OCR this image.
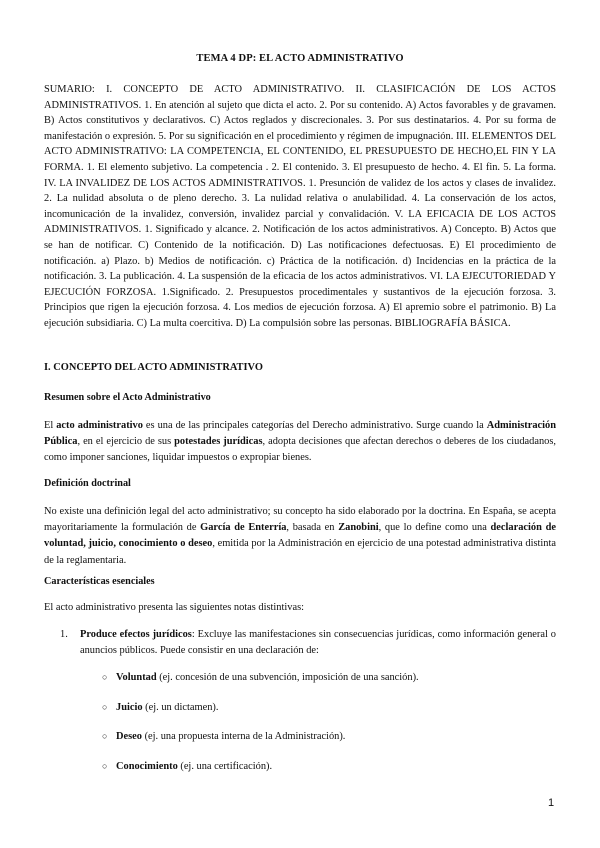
TEMA 4 DP: EL ACTO ADMINISTRATIVO
SUMARIO: I. CONCEPTO DE ACTO ADMINISTRATIVO. II. CLASIFICACIÓN DE LOS ACTOS ADMINISTRATIVOS. 1. En atención al sujeto que dicta el acto. 2. Por su contenido. A) Actos favorables y de gravamen. B) Actos constitutivos y declarativos. C) Actos reglados y discrecionales. 3. Por sus destinatarios. 4. Por su forma de manifestación o expresión. 5. Por su significación en el procedimiento y régimen de impugnación. III. ELEMENTOS DEL ACTO ADMINISTRATIVO: LA COMPETENCIA, EL CONTENIDO, EL PRESUPUESTO DE HECHO,EL FIN Y LA FORMA. 1. El elemento subjetivo. La competencia . 2. El contenido. 3. El presupuesto de hecho. 4. El fin. 5. La forma. IV. LA INVALIDEZ DE LOS ACTOS ADMINISTRATIVOS. 1. Presunción de validez de los actos y clases de invalidez. 2. La nulidad absoluta o de pleno derecho. 3. La nulidad relativa o anulabilidad. 4. La conservación de los actos, incomunicación de la invalidez, conversión, invalidez parcial y convalidación. V. LA EFICACIA DE LOS ACTOS ADMINISTRATIVOS. 1. Significado y alcance. 2. Notificación de los actos administrativos. A) Concepto. B) Actos que se han de notificar. C) Contenido de la notificación. D) Las notificaciones defectuosas. E) El procedimiento de notificación. a) Plazo. b) Medios de notificación. c) Práctica de la notificación. d) Incidencias en la práctica de la notificación. 3. La publicación. 4. La suspensión de la eficacia de los actos administrativos. VI. LA EJECUTORIEDAD Y EJECUCIÓN FORZOSA. 1.Significado. 2. Presupuestos procedimentales y sustantivos de la ejecución forzosa. 3. Principios que rigen la ejecución forzosa. 4. Los medios de ejecución forzosa. A) El apremio sobre el patrimonio. B) La ejecución subsidiaria. C) La multa coercitiva. D) La compulsión sobre las personas. BIBLIOGRAFÍA BÁSICA.
I. CONCEPTO DEL ACTO ADMINISTRATIVO
Resumen sobre el Acto Administrativo
El acto administrativo es una de las principales categorías del Derecho administrativo. Surge cuando la Administración Pública, en el ejercicio de sus potestades jurídicas, adopta decisiones que afectan derechos o deberes de los ciudadanos, como imponer sanciones, liquidar impuestos o expropiar bienes.
Definición doctrinal
No existe una definición legal del acto administrativo; su concepto ha sido elaborado por la doctrina. En España, se acepta mayoritariamente la formulación de García de Enterría, basada en Zanobini, que lo define como una declaración de voluntad, juicio, conocimiento o deseo, emitida por la Administración en ejercicio de una potestad administrativa distinta de la reglamentaria.
Características esenciales
El acto administrativo presenta las siguientes notas distintivas:
1. Produce efectos jurídicos: Excluye las manifestaciones sin consecuencias jurídicas, como información general o anuncios públicos. Puede consistir en una declaración de:
○ Voluntad (ej. concesión de una subvención, imposición de una sanción).
○ Juicio (ej. un dictamen).
○ Deseo (ej. una propuesta interna de la Administración).
○ Conocimiento (ej. una certificación).
1
